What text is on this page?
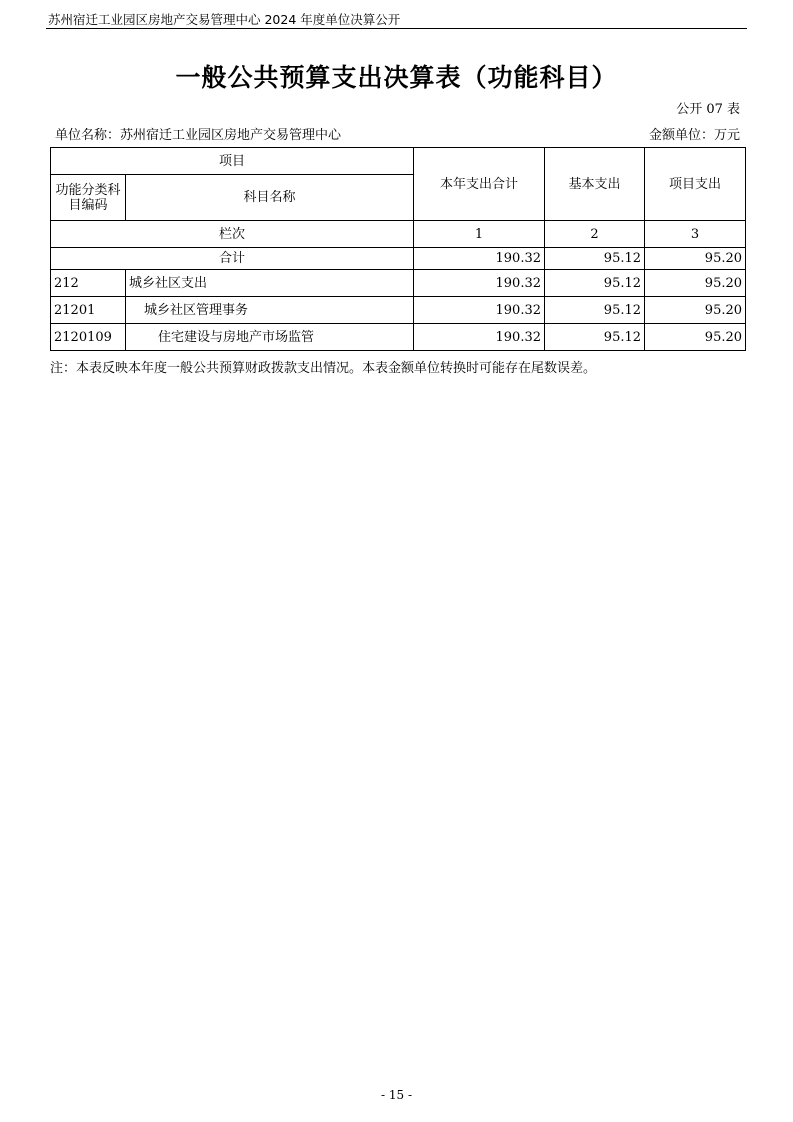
苏州宿迁工业园区房地产交易管理中心 2024 年度单位决算公开
一般公共预算支出决算表（功能科目）
公开 07 表
单位名称：苏州宿迁工业园区房地产交易管理中心	金额单位：万元
项目		本年支出合计	基本支出	项目支出
功能分类科目编码	科目名称			
栏次		1	2	3
合计		190.32	95.12	95.20
212	城乡社区支出	190.32	95.12	95.20
21201	城乡社区管理事务	190.32	95.12	95.20
2120109	住宅建设与房地产市场监管	190.32	95.12	95.20
注：本表反映本年度一般公共预算财政拨款支出情况。本表金额单位转换时可能存在尾数误差。
- 15 -
